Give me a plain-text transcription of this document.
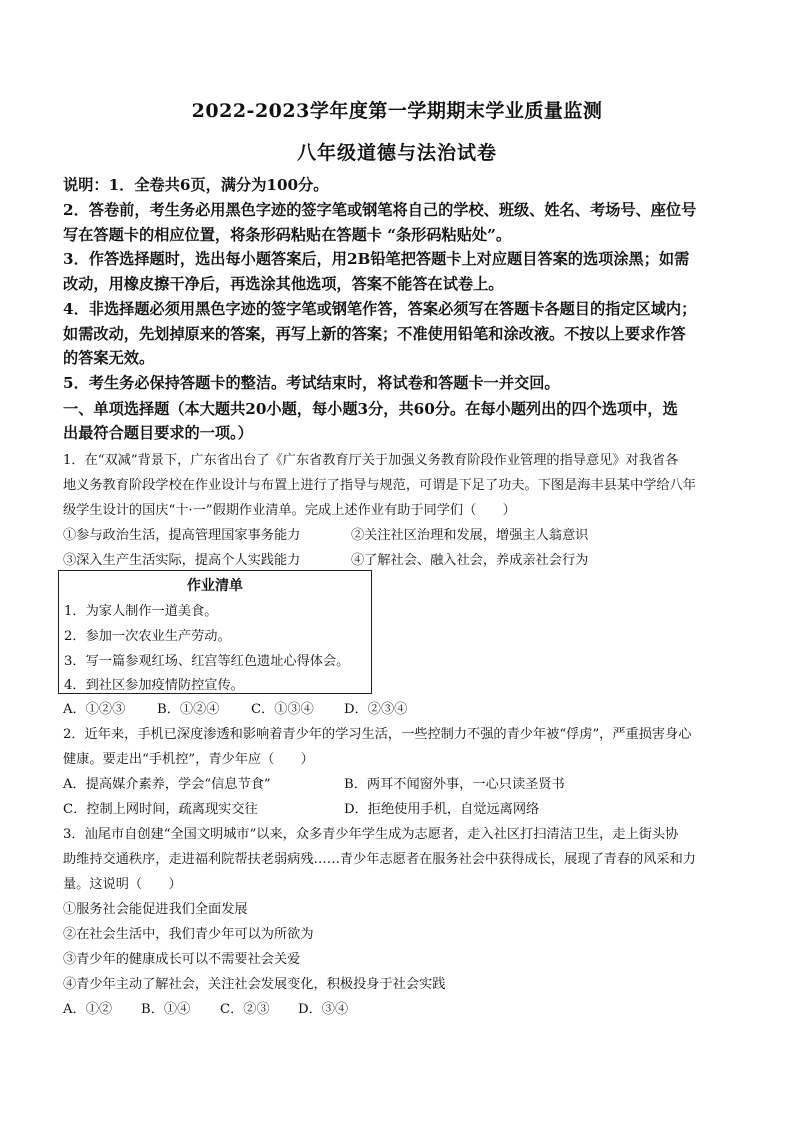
2022-2023学年度第一学期期末学业质量监测
八年级道德与法治试卷
说明：1．全卷共6页，满分为100分。
2．答卷前，考生务必用黑色字迹的签字笔或钢笔将自己的学校、班级、姓名、考场号、座位号
写在答题卡的相应位置，将条形码粘贴在答题卡 “条形码粘贴处”。
3．作答选择题时，选出每小题答案后，用2B铅笔把答题卡上对应题目答案的选项涂黑；如需
改动，用橡皮擦干净后，再选涂其他选项，答案不能答在试卷上。
4．非选择题必须用黑色字迹的签字笔或钢笔作答，答案必须写在答题卡各题目的指定区域内；
如需改动，先划掉原来的答案，再写上新的答案；不准使用铅笔和涂改液。不按以上要求作答
的答案无效。
5．考生务必保持答题卡的整洁。考试结束时，将试卷和答题卡一并交回。
一、单项选择题（本大题共20小题，每小题3分，共60分。在每小题列出的四个选项中，选
出最符合题目要求的一项。）
1．在“双减”背景下，广东省出台了《广东省教育厅关于加强义务教育阶段作业管理的指导意见》对我省各
地义务教育阶段学校在作业设计与布置上进行了指导与规范，可谓是下足了功夫。下图是海丰县某中学给八年
级学生设计的国庆“十·一”假期作业清单。完成上述作业有助于同学们（　　）
①参与政治生活，提高管理国家事务能力	②关注社区治理和发展，增强主人翁意识
③深入生产生活实际，提高个人实践能力	④了解社会、融入社会，养成亲社会行为
作业清单
1．为家人制作一道美食。
2．参加一次农业生产劳动。
3．写一篇参观红场、红宫等红色遗址心得体会。
4．到社区参加疫情防控宣传。
A．①②③ B．①②④ C．①③④ D．②③④
2．近年来，手机已深度渗透和影响着青少年的学习生活，一些控制力不强的青少年被“俘虏”，严重损害身心
健康。要走出“手机控”，青少年应（　　）
A．提高媒介素养，学会“信息节食”	B．两耳不闻窗外事，一心只读圣贤书
C．控制上网时间，疏离现实交往	D．拒绝使用手机，自觉远离网络
3．汕尾市自创建“全国文明城市”以来，众多青少年学生成为志愿者，走入社区打扫清洁卫生，走上街头协
助维持交通秩序，走进福利院帮扶老弱病残……青少年志愿者在服务社会中获得成长，展现了青春的风采和力
量。这说明（　　）
①服务社会能促进我们全面发展
②在社会生活中，我们青少年可以为所欲为
③青少年的健康成长可以不需要社会关爱
④青少年主动了解社会，关注社会发展变化，积极投身于社会实践
A．①② B．①④ C．②③ D．③④
